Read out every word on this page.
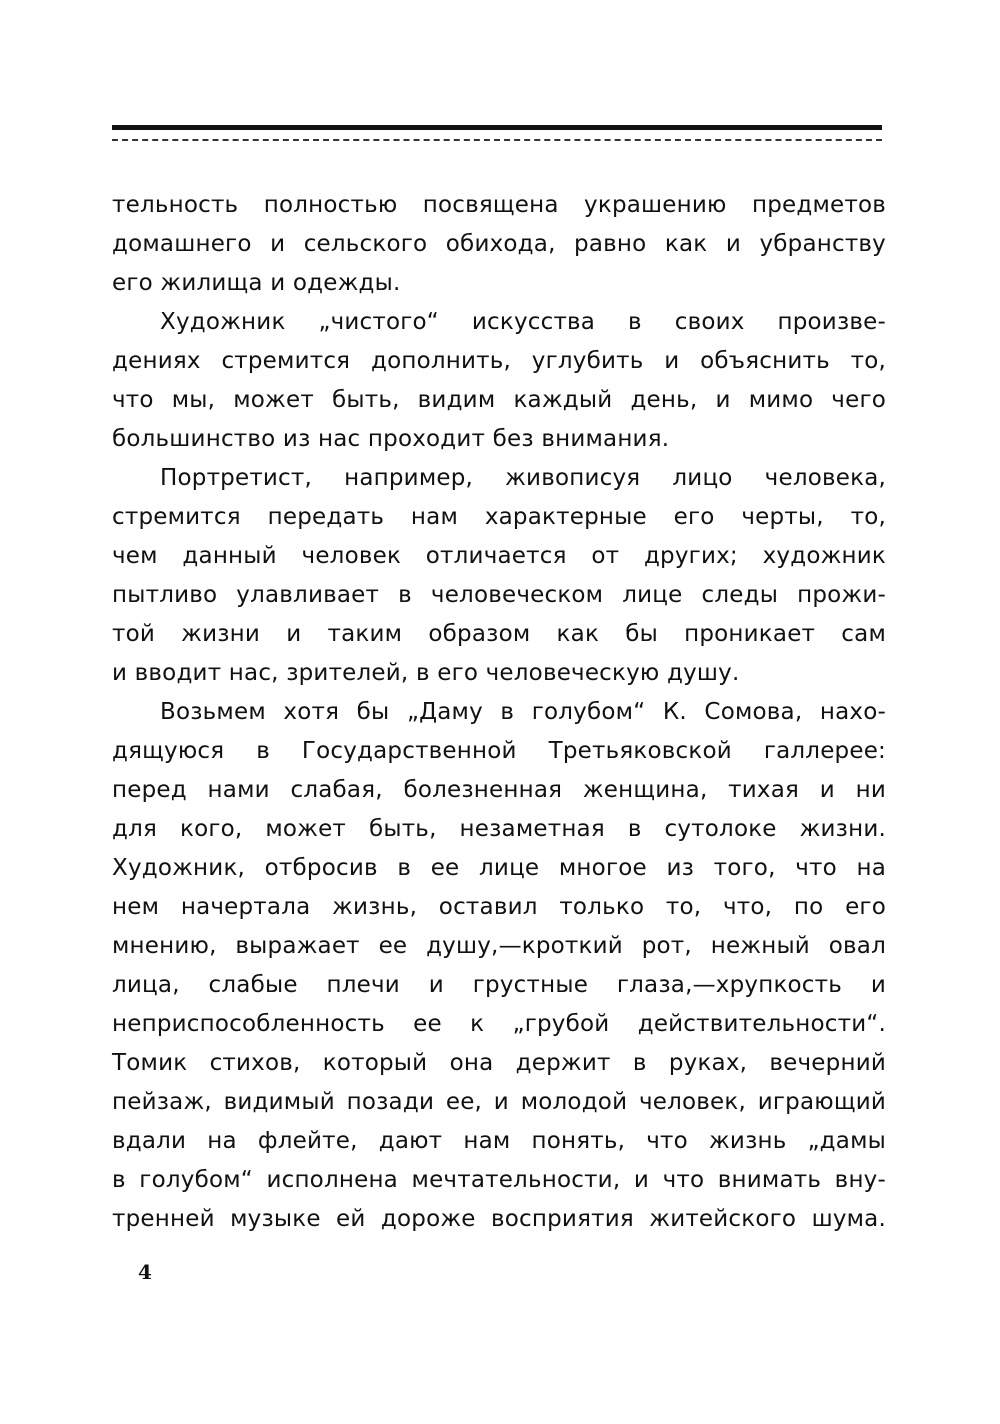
тельность полностью посвящена украшению предметов
домашнего и сельского обихода, равно как и убранству
его жилища и одежды.
Художник „чистого“ искусства в своих произве-
дениях стремится дополнить, углубить и объяснить то,
что мы, может быть, видим каждый день, и мимо чего
большинство из нас проходит без внимания.
Портретист, например, живописуя лицо человека,
стремится передать нам характерные его черты, то,
чем данный человек отличается от других; художник
пытливо улавливает в человеческом лице следы прожи-
той жизни и таким образом как бы проникает сам
и вводит нас, зрителей, в его человеческую душу.
Возьмем хотя бы „Даму в голубом“ К. Сомова, нахо-
дящуюся в Государственной Третьяковской галлерее:
перед нами слабая, болезненная женщина, тихая и ни
для кого, может быть, незаметная в сутолоке жизни.
Художник, отбросив в ее лице многое из того, что на
нем начертала жизнь, оставил только то, что, по его
мнению, выражает ее душу,—кроткий рот, нежный овал
лица, слабые плечи и грустные глаза,—хрупкость и
неприспособленность ее к „грубой действительности“.
Томик стихов, который она держит в руках, вечерний
пейзаж, видимый позади ее, и молодой человек, играющий
вдали на флейте, дают нам понять, что жизнь „дамы
в голубом“ исполнена мечтательности, и что внимать вну-
тренней музыке ей дороже восприятия житейского шума.
4
